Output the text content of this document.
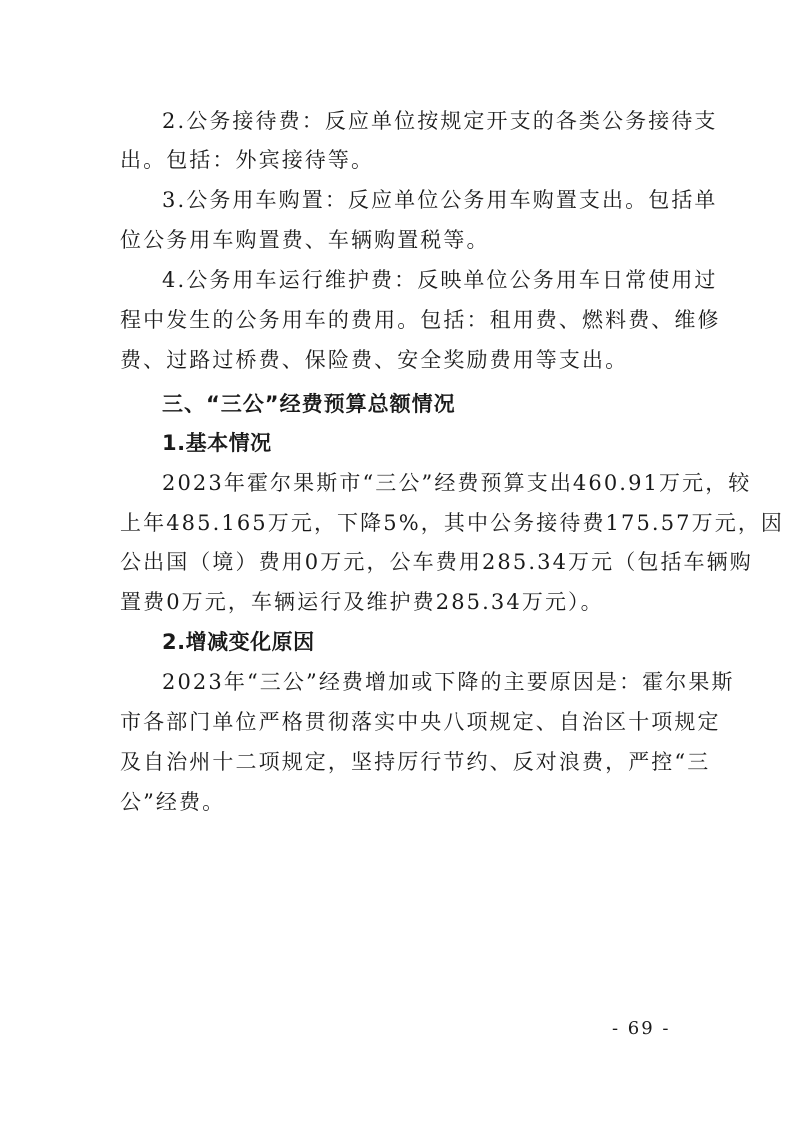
2.公务接待费：反应单位按规定开支的各类公务接待支
出。包括：外宾接待等。
3.公务用车购置：反应单位公务用车购置支出。包括单
位公务用车购置费、车辆购置税等。
4.公务用车运行维护费：反映单位公务用车日常使用过
程中发生的公务用车的费用。包括：租用费、燃料费、维修
费、过路过桥费、保险费、安全奖励费用等支出。
三、“三公”经费预算总额情况
1.基本情况
2023年霍尔果斯市“三公”经费预算支出460.91万元，较
上年485.165万元，下降5%，其中公务接待费175.57万元，因
公出国（境）费用0万元，公车费用285.34万元（包括车辆购
置费0万元，车辆运行及维护费285.34万元）。
2.增减变化原因
2023年“三公”经费增加或下降的主要原因是：霍尔果斯
市各部门单位严格贯彻落实中央八项规定、自治区十项规定
及自治州十二项规定，坚持厉行节约、反对浪费，严控“三
公”经费。
- 69 -
